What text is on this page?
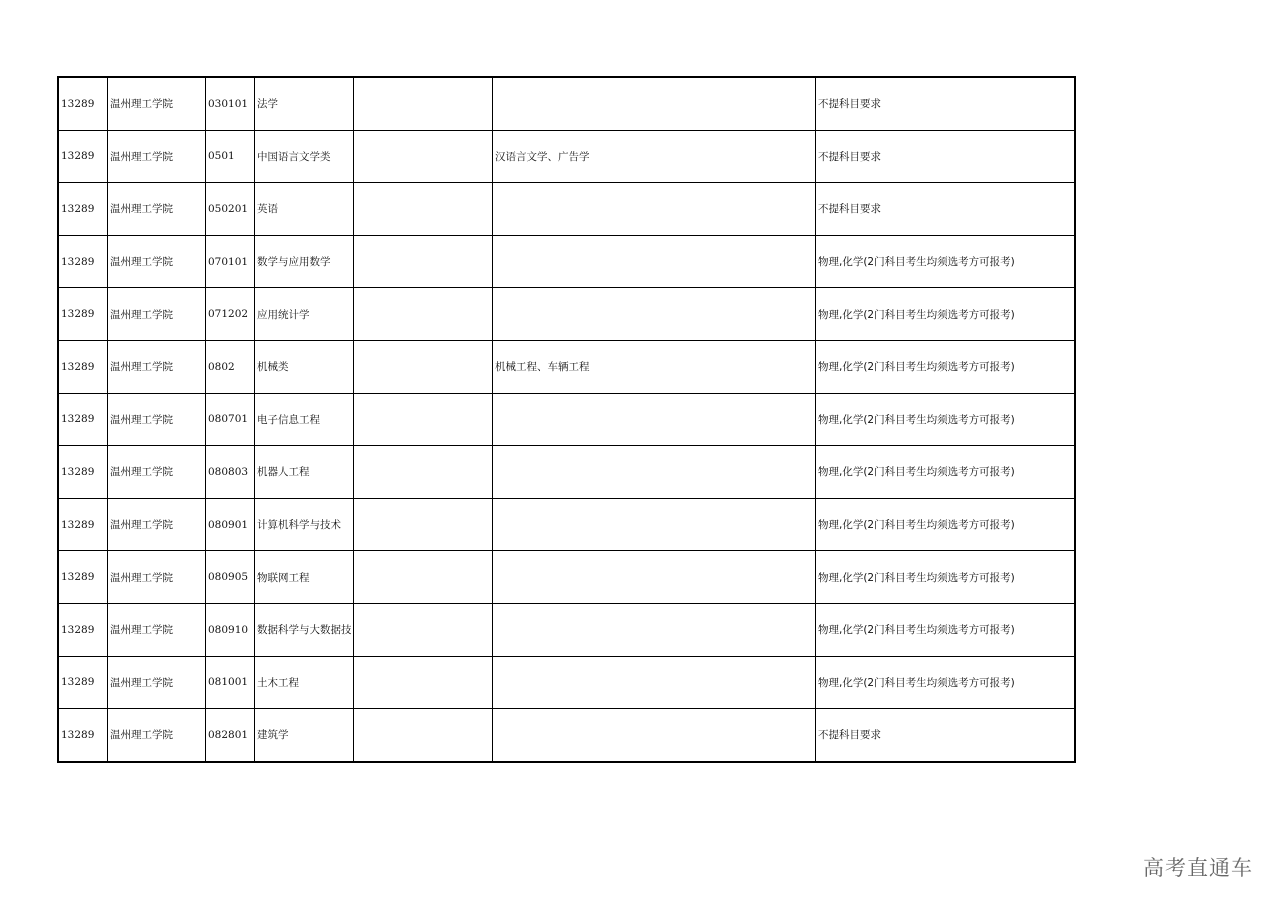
13289	温州理工学院	030101	法学			不提科目要求
13289	温州理工学院	0501	中国语言文学类		汉语言文学、广告学	不提科目要求
13289	温州理工学院	050201	英语			不提科目要求
13289	温州理工学院	070101	数学与应用数学			物理,化学(2门科目考生均须选考方可报考)
13289	温州理工学院	071202	应用统计学			物理,化学(2门科目考生均须选考方可报考)
13289	温州理工学院	0802	机械类		机械工程、车辆工程	物理,化学(2门科目考生均须选考方可报考)
13289	温州理工学院	080701	电子信息工程			物理,化学(2门科目考生均须选考方可报考)
13289	温州理工学院	080803	机器人工程			物理,化学(2门科目考生均须选考方可报考)
13289	温州理工学院	080901	计算机科学与技术			物理,化学(2门科目考生均须选考方可报考)
13289	温州理工学院	080905	物联网工程			物理,化学(2门科目考生均须选考方可报考)
13289	温州理工学院	080910	数据科学与大数据技			物理,化学(2门科目考生均须选考方可报考)
13289	温州理工学院	081001	土木工程			物理,化学(2门科目考生均须选考方可报考)
13289	温州理工学院	082801	建筑学			不提科目要求
高考直通车
